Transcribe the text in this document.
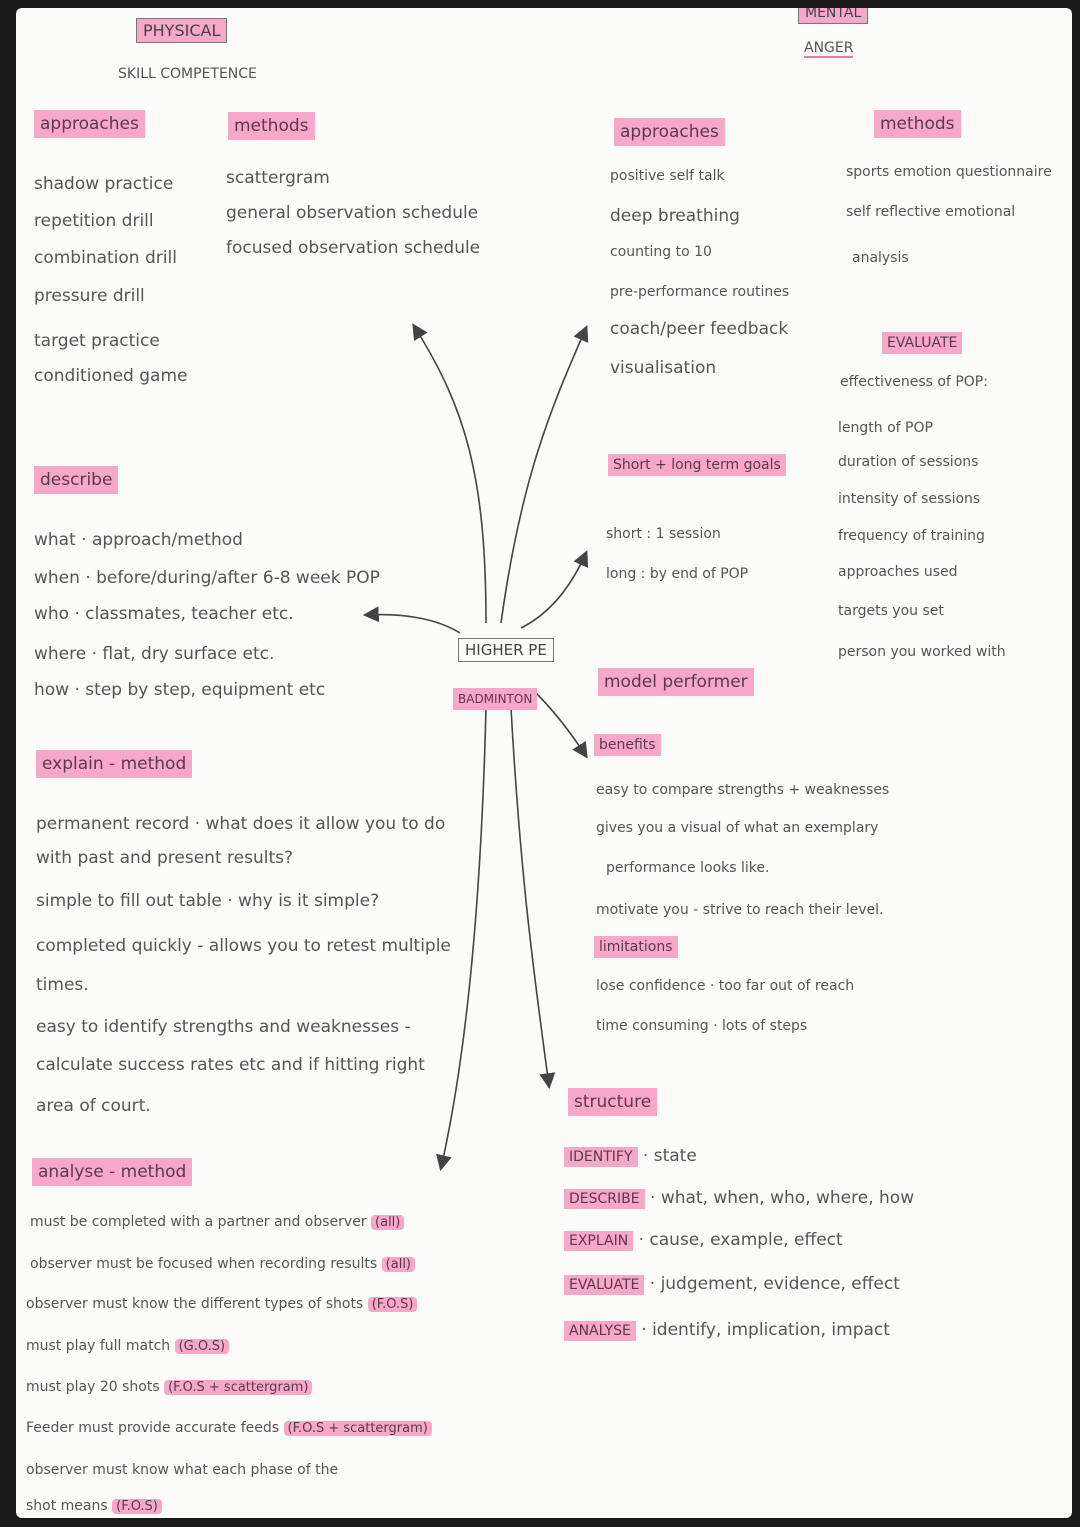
PHYSICAL
SKILL COMPETENCE
MENTAL
ANGER
approaches
shadow practice
repetition drill
combination drill
pressure drill
target practice
conditioned game
methods
scattergram
general observation schedule
focused observation schedule
approaches
positive self talk
deep breathing
counting to 10
pre-performance routines
coach/peer feedback
visualisation
methods
sports emotion questionnaire
self reflective emotional
analysis
EVALUATE
effectiveness of POP:
length of POP
duration of sessions
intensity of sessions
frequency of training
approaches used
targets you set
person you worked with
Short + long term goals
short : 1 session
long : by end of POP
HIGHER PE
BADMINTON
describe
what · approach/method
when · before/during/after 6-8 week POP
who · classmates, teacher etc.
where · flat, dry surface etc.
how · step by step, equipment etc
explain - method
permanent record · what does it allow you to do
with past and present results?
simple to fill out table · why is it simple?
completed quickly - allows you to retest multiple
times.
easy to identify strengths and weaknesses -
calculate success rates etc and if hitting right
area of court.
analyse - method
must be completed with a partner and observer (all)
observer must be focused when recording results (all)
observer must know the different types of shots (F.O.S)
must play full match (G.O.S)
must play 20 shots (F.O.S + scattergram)
Feeder must provide accurate feeds (F.O.S + scattergram)
observer must know what each phase of the
shot means (F.O.S)
model performer
benefits
easy to compare strengths + weaknesses
gives you a visual of what an exemplary
performance looks like.
motivate you - strive to reach their level.
limitations
lose confidence · too far out of reach
time consuming · lots of steps
structure
IDENTIFY · state
DESCRIBE · what, when, who, where, how
EXPLAIN · cause, example, effect
EVALUATE · judgement, evidence, effect
ANALYSE · identify, implication, impact
